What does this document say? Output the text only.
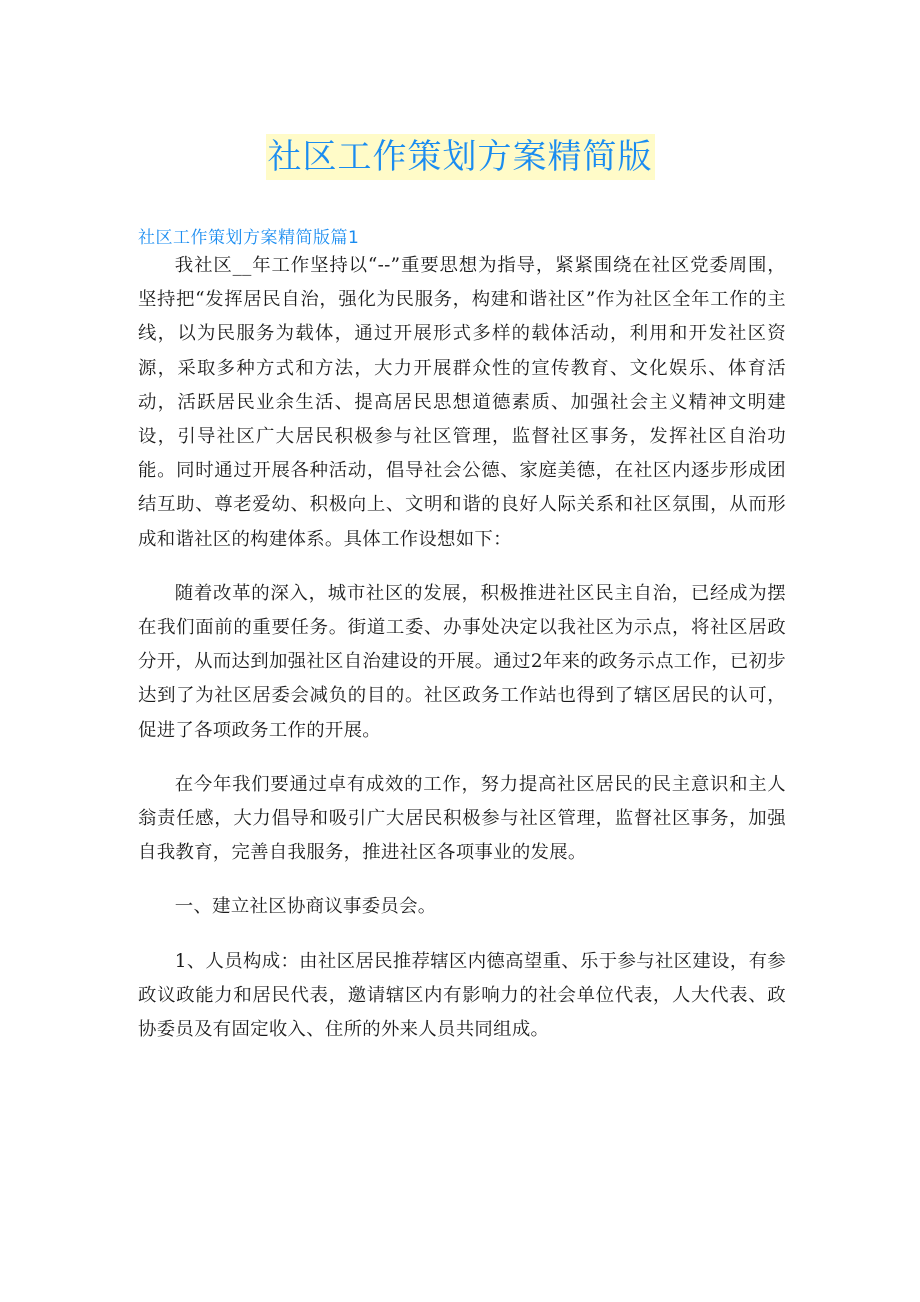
社区工作策划方案精简版
社区工作策划方案精简版篇1

我社区__年工作坚持以“--”重要思想为指导，紧紧围绕在社区党委周围，坚持把“发挥居民自治，强化为民服务，构建和谐社区”作为社区全年工作的主线，以为民服务为载体，通过开展形式多样的载体活动，利用和开发社区资源，采取多种方式和方法，大力开展群众性的宣传教育、文化娱乐、体育活动，活跃居民业余生活、提高居民思想道德素质、加强社会主义精神文明建设，引导社区广大居民积极参与社区管理，监督社区事务，发挥社区自治功能。同时通过开展各种活动，倡导社会公德、家庭美德，在社区内逐步形成团结互助、尊老爱幼、积极向上、文明和谐的良好人际关系和社区氛围，从而形成和谐社区的构建体系。具体工作设想如下：

随着改革的深入，城市社区的发展，积极推进社区民主自治，已经成为摆在我们面前的重要任务。街道工委、办事处决定以我社区为示点，将社区居政分开，从而达到加强社区自治建设的开展。通过2年来的政务示点工作，已初步达到了为社区居委会减负的目的。社区政务工作站也得到了辖区居民的认可，促进了各项政务工作的开展。

在今年我们要通过卓有成效的工作，努力提高社区居民的民主意识和主人翁责任感，大力倡导和吸引广大居民积极参与社区管理，监督社区事务，加强自我教育，完善自我服务，推进社区各项事业的发展。

一、建立社区协商议事委员会。

1、人员构成：由社区居民推荐辖区内德高望重、乐于参与社区建设，有参政议政能力和居民代表，邀请辖区内有影响力的社会单位代表，人大代表、政协委员及有固定收入、住所的外来人员共同组成。
